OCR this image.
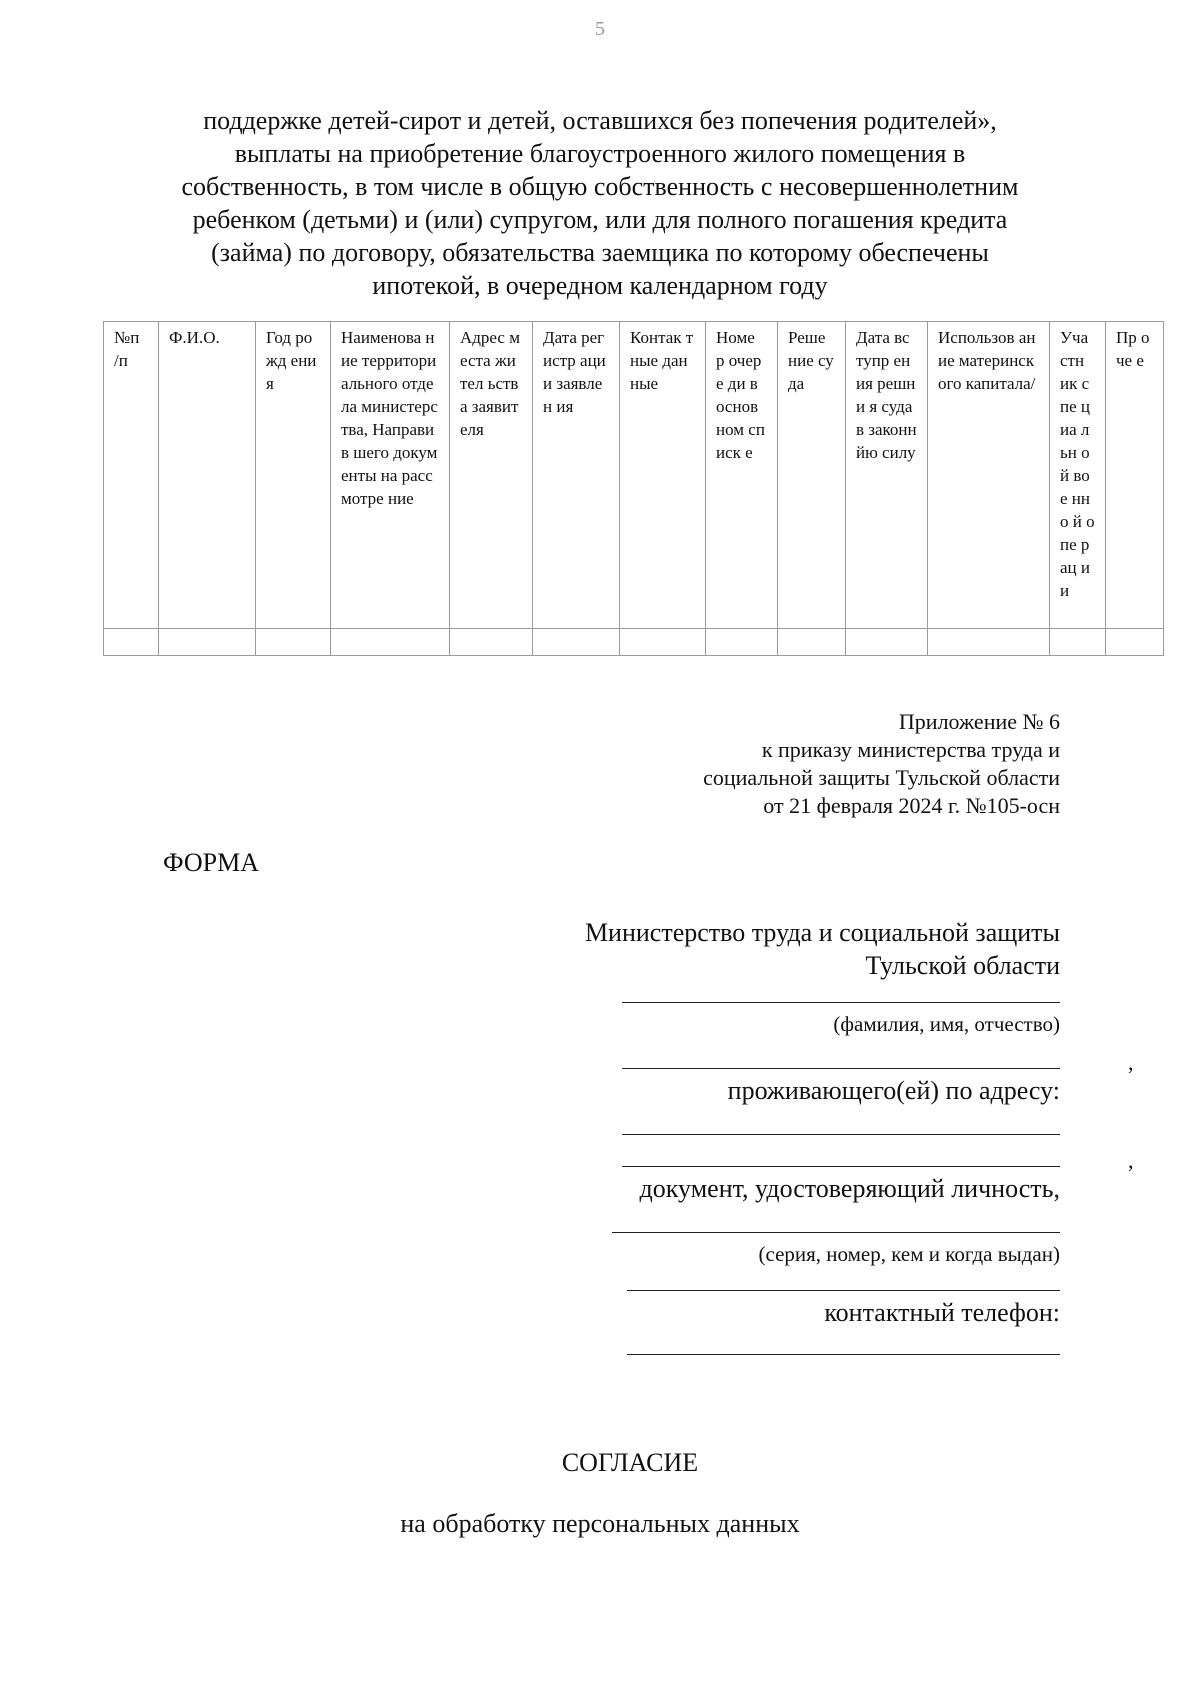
5
поддержке детей-сирот и детей, оставшихся без попечения родителей»,
выплаты на приобретение благоустроенного жилого помещения в
собственность, в том числе в общую собственность с несовершеннолетним
ребенком (детьми) и (или) супругом, или для полного погашения кредита
(займа) по договору, обязательства заемщика по которому обеспечены
ипотекой, в очередном календарном году
№п /п	Ф.И.О.	Год рожд ения	Наименова ние территори ального отдела министерс тва, Направив шего документы на рассмотре ние	Адрес места жител ьства заявит еля	Дата регистр ации заявлен ия	Контак тные данные	Номе р очере ди в основ ном списк е	Реше ние суда	Дата вступр ения решни я суда в законн йю силу	Использов ание материнск ого капитала/	Уча стн ик спе циа льн ой вое нно й опе рац ии	Пр оче е

Приложение № 6
к приказу министерства труда и
социальной защиты Тульской области
от 21 февраля 2024 г. №105-осн
ФОРМА
Министерство труда и социальной защиты
Тульской области
(фамилия, имя, отчество)
,
проживающего(ей) по адресу:
,
документ, удостоверяющий личность,
(серия, номер, кем и когда выдан)
контактный телефон:
СОГЛАСИЕ
на обработку персональных данных
